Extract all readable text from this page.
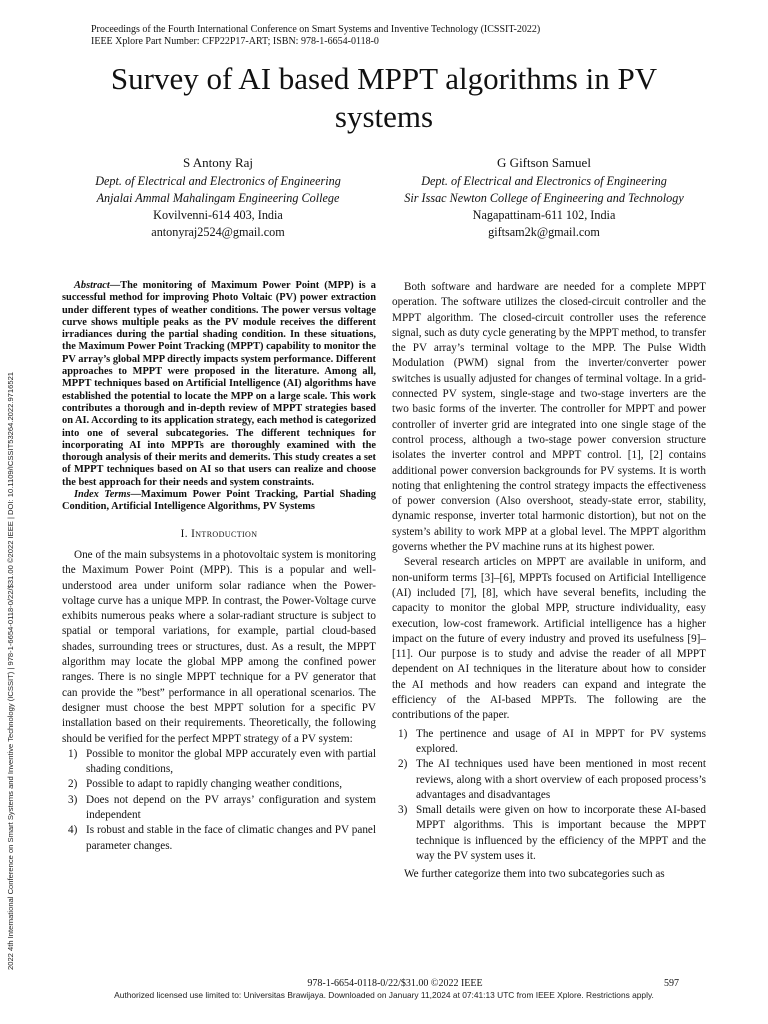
2022 4th International Conference on Smart Systems and Inventive Technology (ICSSIT) | 978-1-6654-0118-0/22/$31.00 ©2022 IEEE | DOI: 10.1109/ICSSIT53264.2022.9716521
Proceedings of the Fourth International Conference on Smart Systems and Inventive Technology (ICSSIT-2022)
IEEE Xplore Part Number: CFP22P17-ART; ISBN: 978-1-6654-0118-0
Survey of AI based MPPT algorithms in PV systems
S Antony Raj
Dept. of Electrical and Electronics of Engineering
Anjalai Ammal Mahalingam Engineering College
Kovilvenni-614 403, India
antonyraj2524@gmail.com
G Giftson Samuel
Dept. of Electrical and Electronics of Engineering
Sir Issac Newton College of Engineering and Technology
Nagapattinam-611 102, India
giftsam2k@gmail.com

Abstract—The monitoring of Maximum Power Point (MPP) is a successful method for improving Photo Voltaic (PV) power extraction under different types of weather conditions. The power versus voltage curve shows multiple peaks as the PV module receives the different irradiances during the partial shading condition. In these situations, the Maximum Power Point Tracking (MPPT) capability to monitor the PV array’s global MPP directly impacts system performance. Different approaches to MPPT were proposed in the literature. Among all, MPPT techniques based on Artificial Intelligence (AI) algorithms have established the potential to locate the MPP on a large scale. This work contributes a thorough and in-depth review of MPPT strategies based on AI. According to its application strategy, each method is categorized into one of several subcategories. The different techniques for incorporating AI into MPPTs are thoroughly examined with the thorough analysis of their merits and demerits. This study creates a set of MPPT techniques based on AI so that users can realize and choose the best approach for their needs and system constraints.

Index Terms—Maximum Power Point Tracking, Partial Shading Condition, Artificial Intelligence Algorithms, PV Systems

I. Introduction

One of the main subsystems in a photovoltaic system is monitoring the Maximum Power Point (MPP). This is a popular and well-understood area under uniform solar radiance when the Power-voltage curve has a unique MPP. In contrast, the Power-Voltage curve exhibits numerous peaks where a solar-radiant structure is subject to spatial or temporal variations, for example, partial cloud-based shades, surrounding trees or structures, dust. As a result, the MPPT algorithm may locate the global MPP among the confined power ranges. There is no single MPPT technique for a PV generator that can provide the ”best” performance in all operational scenarios. The designer must choose the best MPPT solution for a specific PV installation based on their requirements. Theoretically, the following should be verified for the perfect MPPT strategy of a PV system:

1) Possible to monitor the global MPP accurately even with partial shading conditions,
2) Possible to adapt to rapidly changing weather conditions,
3) Does not depend on the PV arrays’ configuration and system independent
4) Is robust and stable in the face of climatic changes and PV panel parameter changes.

Both software and hardware are needed for a complete MPPT operation. The software utilizes the closed-circuit controller and the MPPT algorithm. The closed-circuit controller uses the reference signal, such as duty cycle generating by the MPPT method, to transfer the PV array’s terminal voltage to the MPP. The Pulse Width Modulation (PWM) signal from the inverter/converter power switches is usually adjusted for changes of terminal voltage. In a grid-connected PV system, single-stage and two-stage inverters are the two basic forms of the inverter. The controller for MPPT and power controller of inverter grid are integrated into one single stage of the control process, although a two-stage power conversion structure isolates the inverter control and MPPT control. [1], [2] contains additional power conversion backgrounds for PV systems. It is worth noting that enlightening the control strategy impacts the effectiveness of power conversion (Also overshoot, steady-state error, stability, dynamic response, inverter total harmonic distortion), but not on the system’s ability to work MPP at a global level. The MPPT algorithm governs whether the PV machine runs at its highest power.

Several research articles on MPPT are available in uniform, and non-uniform terms [3]–[6], MPPTs focused on Artificial Intelligence (AI) included [7], [8], which have several benefits, including the capacity to monitor the global MPP, structure individuality, easy execution, low-cost framework. Artificial intelligence has a higher impact on the future of every industry and proved its usefulness [9]–[11]. Our purpose is to study and advise the reader of all MPPT dependent on AI techniques in the literature about how to consider the AI methods and how readers can expand and integrate the efficiency of the AI-based MPPTs. The following are the contributions of the paper.

1) The pertinence and usage of AI in MPPT for PV systems explored.
2) The AI techniques used have been mentioned in most recent reviews, along with a short overview of each proposed process’s advantages and disadvantages
3) Small details were given on how to incorporate these AI-based MPPT algorithms. This is important because the MPPT technique is influenced by the efficiency of the MPPT and the way the PV system uses it.

We further categorize them into two subcategories such as

978-1-6654-0118-0/22/$31.00 ©2022 IEEE	597
Authorized licensed use limited to: Universitas Brawijaya. Downloaded on January 11,2024 at 07:41:13 UTC from IEEE Xplore. Restrictions apply.
